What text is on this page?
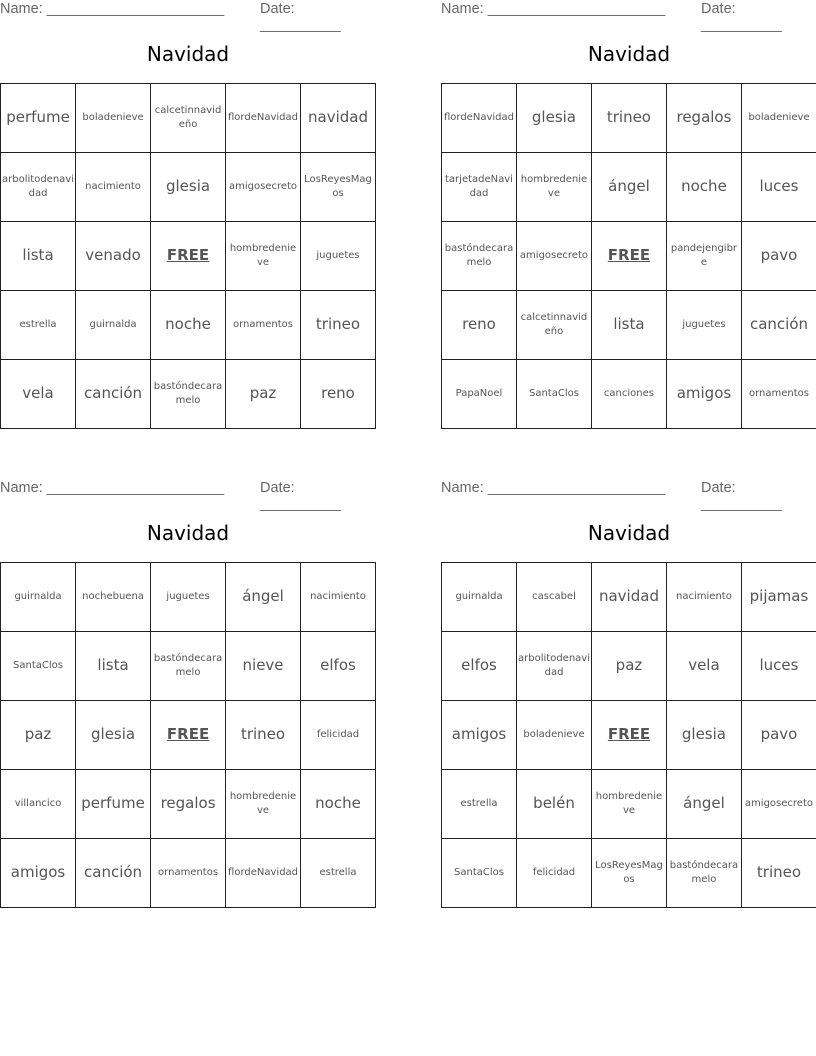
Name: ______________________ Date: __________
Navidad
perfume	boladenieve	calcetinnavideño	flordeNavidad	navidad
arbolitodenavidad	nacimiento	glesia	amigosecreto	LosReyesMagos
lista	venado	FREE	hombredenieve	juguetes
estrella	guirnalda	noche	ornamentos	trineo
vela	canción	bastóndecaramelo	paz	reno
Name: ______________________ Date: __________
Navidad
flordeNavidad	glesia	trineo	regalos	boladenieve
tarjetadeNavidad	hombredenieve	ángel	noche	luces
bastóndecaramelo	amigosecreto	FREE	pandejengibre	pavo
reno	calcetinnavideño	lista	juguetes	canción
PapaNoel	SantaClos	canciones	amigos	ornamentos
Name: ______________________ Date: __________
Navidad
guirnalda	nochebuena	juguetes	ángel	nacimiento
SantaClos	lista	bastóndecaramelo	nieve	elfos
paz	glesia	FREE	trineo	felicidad
villancico	perfume	regalos	hombredenieve	noche
amigos	canción	ornamentos	flordeNavidad	estrella
Name: ______________________ Date: __________
Navidad
guirnalda	cascabel	navidad	nacimiento	pijamas
elfos	arbolitodenavidad	paz	vela	luces
amigos	boladenieve	FREE	glesia	pavo
estrella	belén	hombredenieve	ángel	amigosecreto
SantaClos	felicidad	LosReyesMagos	bastóndecaramelo	trineo
